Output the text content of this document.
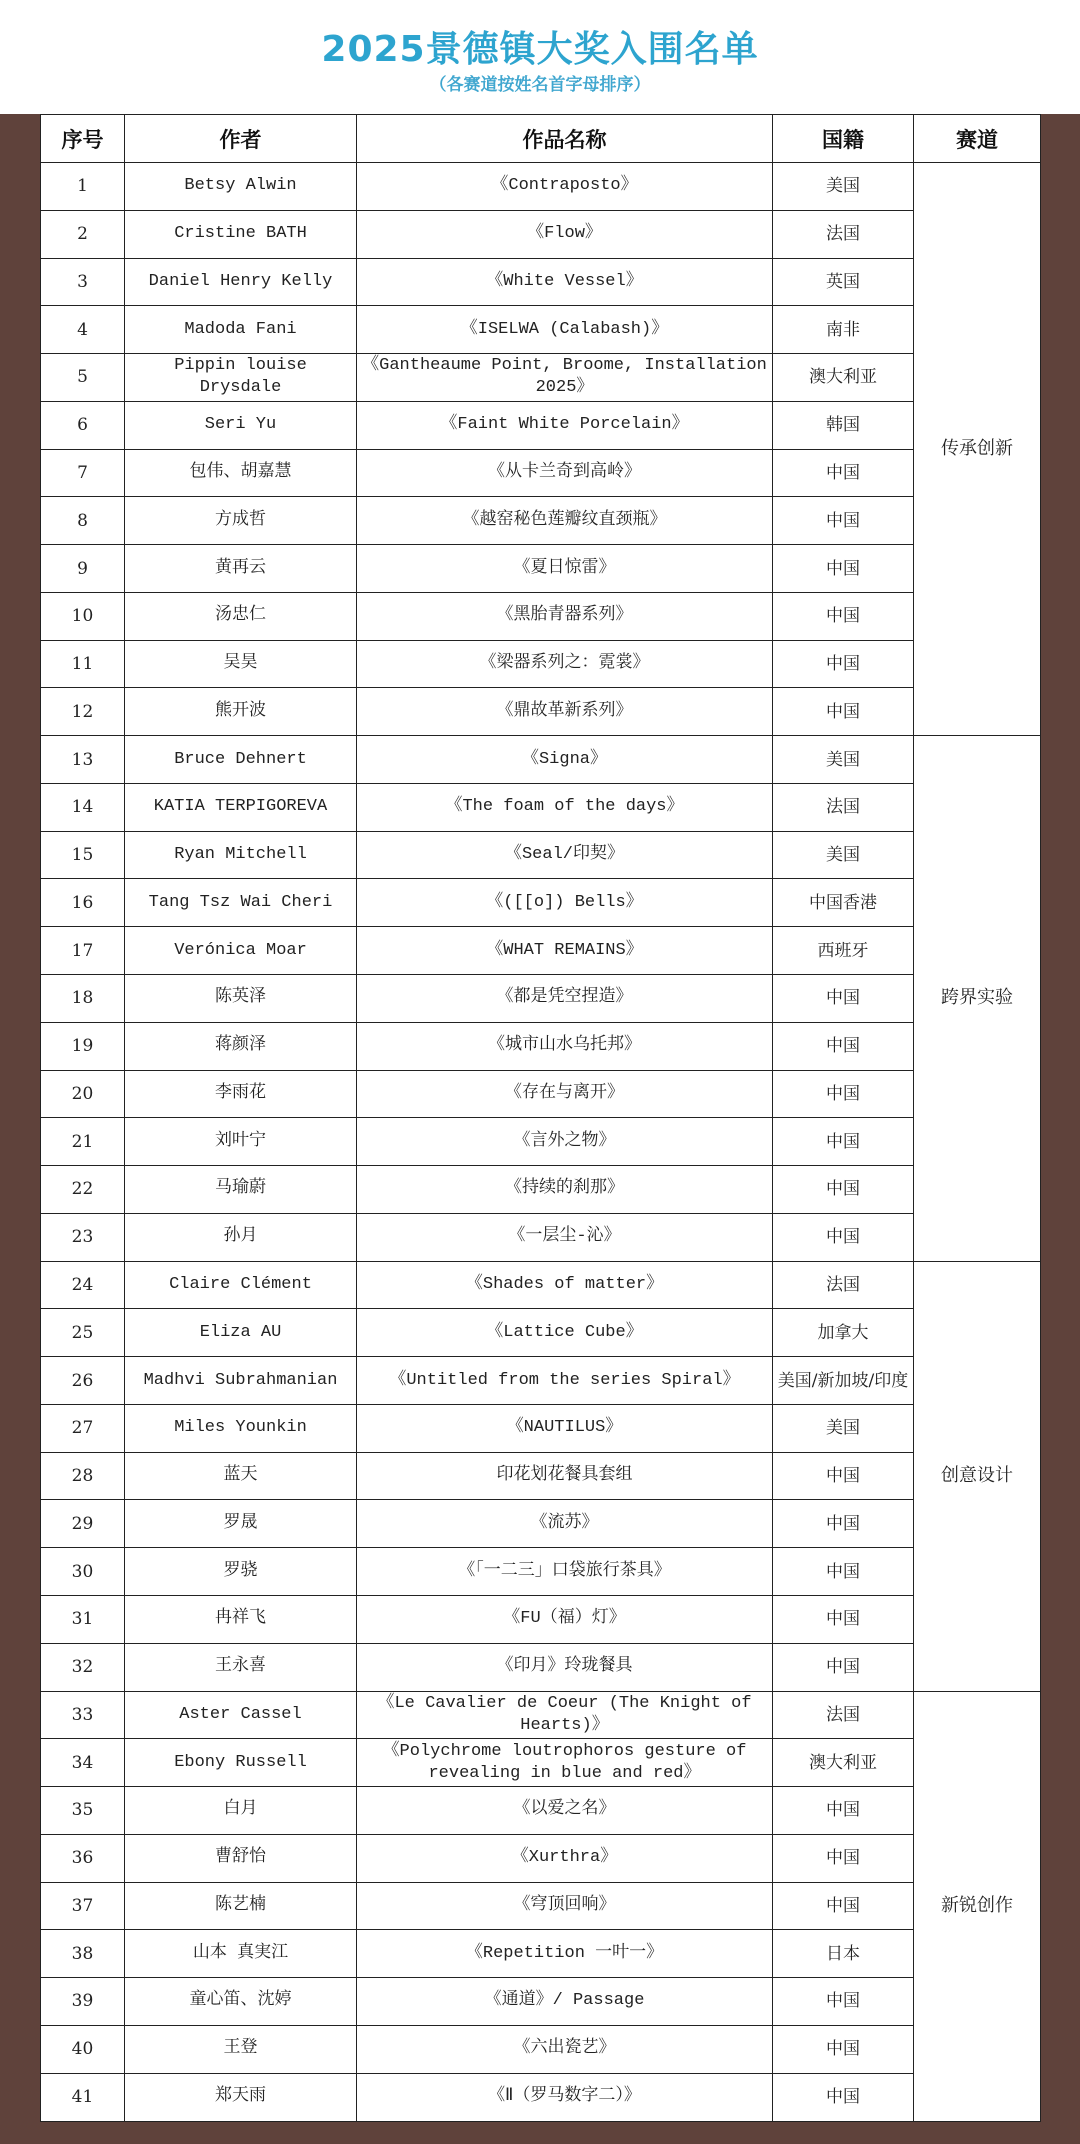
2025景德镇大奖入围名单
（各赛道按姓名首字母排序）
序号	作者	作品名称	国籍	赛道
1	Betsy Alwin	《Contraposto》	美国	传承创新
2	Cristine BATH	《Flow》	法国	
3	Daniel Henry Kelly	《White Vessel》	英国	
4	Madoda Fani	《ISELWA (Calabash)》	南非	
5	Pippin louise Drysdale	《Gantheaume Point, Broome, Installation 2025》	澳大利亚	
6	Seri Yu	《Faint White Porcelain》	韩国	
7	包伟、胡嘉慧	《从卡兰奇到高岭》	中国	
8	方成哲	《越窑秘色莲瓣纹直颈瓶》	中国	
9	黄再云	《夏日惊雷》	中国	
10	汤忠仁	《黑胎青器系列》	中国	
11	吴昊	《梁器系列之：霓裳》	中国	
12	熊开波	《鼎故革新系列》	中国	
13	Bruce Dehnert	《Signa》	美国	跨界实验
14	KATIA TERPIGOREVA	《The foam of the days》	法国	
15	Ryan Mitchell	《Seal/印契》	美国	
16	Tang Tsz Wai Cheri	《([[o]) Bells》	中国香港	
17	Verónica Moar	《WHAT REMAINS》	西班牙	
18	陈英泽	《都是凭空捏造》	中国	
19	蒋颜泽	《城市山水乌托邦》	中国	
20	李雨花	《存在与离开》	中国	
21	刘叶宁	《言外之物》	中国	
22	马瑜蔚	《持续的刹那》	中国	
23	孙月	《一层尘-沁》	中国	
24	Claire Clément	《Shades of matter》	法国	创意设计
25	Eliza AU	《Lattice Cube》	加拿大	
26	Madhvi Subrahmanian	《Untitled from the series Spiral》	美国/新加坡/印度	
27	Miles Younkin	《NAUTILUS》	美国	
28	蓝天	印花划花餐具套组	中国	
29	罗晟	《流苏》	中国	
30	罗骁	《「一二三」口袋旅行茶具》	中国	
31	冉祥飞	《FU（福）灯》	中国	
32	王永喜	《印月》玲珑餐具	中国	
33	Aster Cassel	《Le Cavalier de Coeur (The Knight of Hearts)》	法国	新锐创作
34	Ebony Russell	《Polychrome loutrophoros gesture of revealing in blue and red》	澳大利亚	
35	白月	《以爱之名》	中国	
36	曹舒怡	《Xurthra》	中国	
37	陈艺楠	《穹顶回响》	中国	
38	山本 真実江	《Repetition 一叶一》	日本	
39	童心笛、沈婷	《通道》/ Passage	中国	
40	王登	《六出瓷艺》	中国	
41	郑天雨	《Ⅱ（罗马数字二）》	中国	
